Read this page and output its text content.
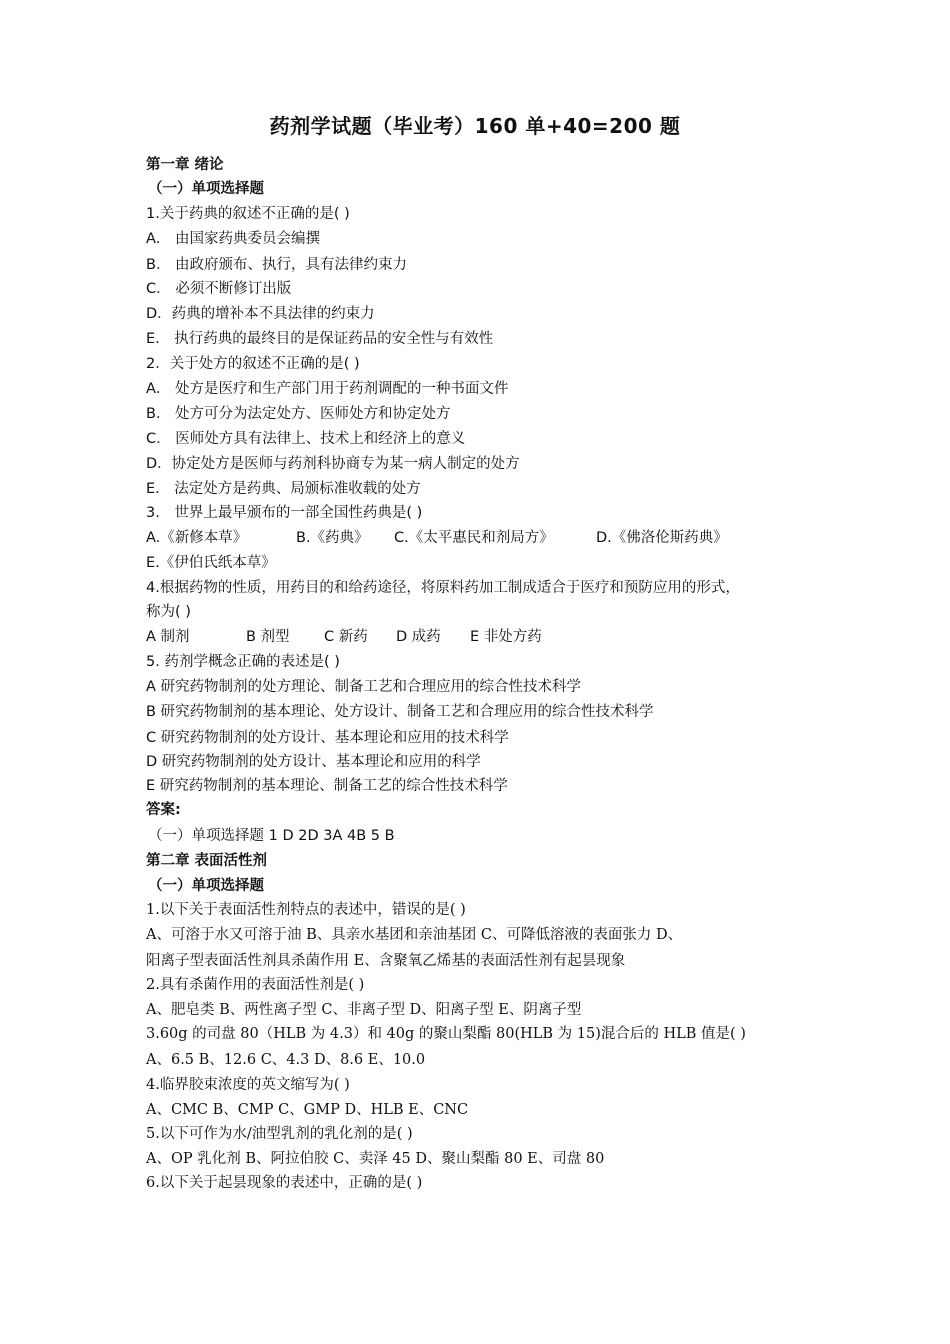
药剂学试题（毕业考）160 单+40=200 题
第一章 绪论
（一）单项选择题
1.关于药典的叙述不正确的是( )
A． 由国家药典委员会编撰
B． 由政府颁布、执行，具有法律约束力
C． 必须不断修订出版
D．药典的增补本不具法律的约束力
E． 执行药典的最终目的是保证药品的安全性与有效性
2．关于处方的叙述不正确的是( )
A． 处方是医疗和生产部门用于药剂调配的一种书面文件
B． 处方可分为法定处方、医师处方和协定处方
C． 医师处方具有法律上、技术上和经济上的意义
D．协定处方是医师与药剂科协商专为某一病人制定的处方
E． 法定处方是药典、局颁标准收载的处方
3． 世界上最早颁布的一部全国性药典是( )
A.《新修本草》	B.《药典》 C.《太平惠民和剂局方》	D.《佛洛伦斯药典》
E.《伊伯氏纸本草》
4.根据药物的性质，用药目的和给药途径，将原料药加工制成适合于医疗和预防应用的形式，
称为( )
A 制剂	B 剂型 C 新药 D 成药 E 非处方药
5. 药剂学概念正确的表述是( )
A 研究药物制剂的处方理论、制备工艺和合理应用的综合性技术科学
B 研究药物制剂的基本理论、处方设计、制备工艺和合理应用的综合性技术科学
C 研究药物制剂的处方设计、基本理论和应用的技术科学
D 研究药物制剂的处方设计、基本理论和应用的科学
E 研究药物制剂的基本理论、制备工艺的综合性技术科学
答案:
（一）单项选择题 1 D 2D 3A 4B 5 B
第二章 表面活性剂
（一）单项选择题
1.以下关于表面活性剂特点的表述中，错误的是( )
A、可溶于水又可溶于油 B、具亲水基团和亲油基团 C、可降低溶液的表面张力 D、
阳离子型表面活性剂具杀菌作用 E、含聚氧乙烯基的表面活性剂有起昙现象
2.具有杀菌作用的表面活性剂是( )
A、肥皂类 B、两性离子型 C、非离子型 D、阳离子型 E、阴离子型
3.60g 的司盘 80（HLB 为 4.3）和 40g 的聚山梨酯 80(HLB 为 15)混合后的 HLB 值是( )
A、6.5 B、12.6 C、4.3 D、8.6 E、10.0
4.临界胶束浓度的英文缩写为( )
A、CMC B、CMP C、GMP D、HLB E、CNC
5.以下可作为水/油型乳剂的乳化剂的是( )
A、OP 乳化剂 B、阿拉伯胶 C、卖泽 45 D、聚山梨酯 80 E、司盘 80
6.以下关于起昙现象的表述中，正确的是( )
